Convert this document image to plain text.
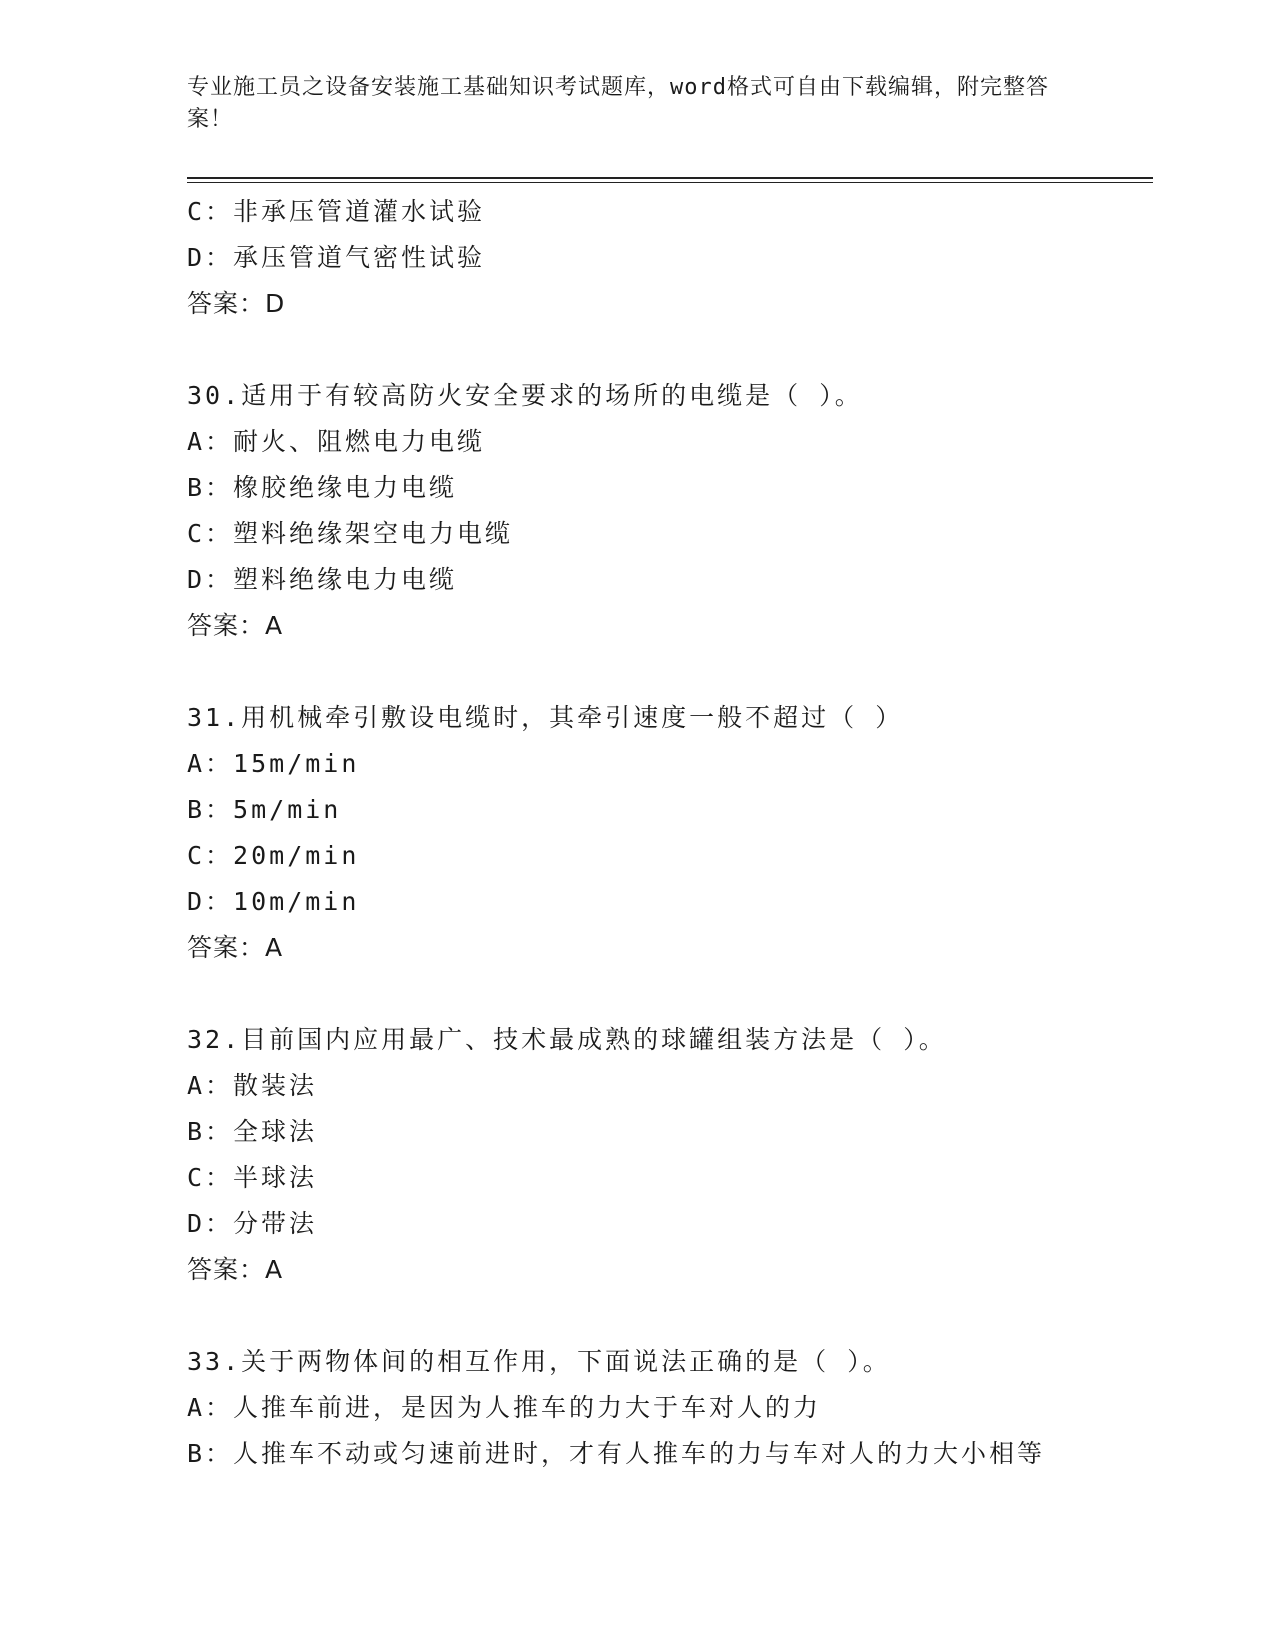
专业施工员之设备安装施工基础知识考试题库，word格式可自由下载编辑，附完整答案！
C：非承压管道灌水试验
D：承压管道气密性试验
答案：D
30.适用于有较高防火安全要求的场所的电缆是（ ）。
A：耐火、阻燃电力电缆
B：橡胶绝缘电力电缆
C：塑料绝缘架空电力电缆
D：塑料绝缘电力电缆
答案：A
31.用机械牵引敷设电缆时，其牵引速度一般不超过（ ）
A：15m/min
B：5m/min
C：20m/min
D：10m/min
答案：A
32.目前国内应用最广、技术最成熟的球罐组装方法是（ ）。
A：散装法
B：全球法
C：半球法
D：分带法
答案：A
33.关于两物体间的相互作用，下面说法正确的是（ ）。
A：人推车前进，是因为人推车的力大于车对人的力
B：人推车不动或匀速前进时，才有人推车的力与车对人的力大小相等
